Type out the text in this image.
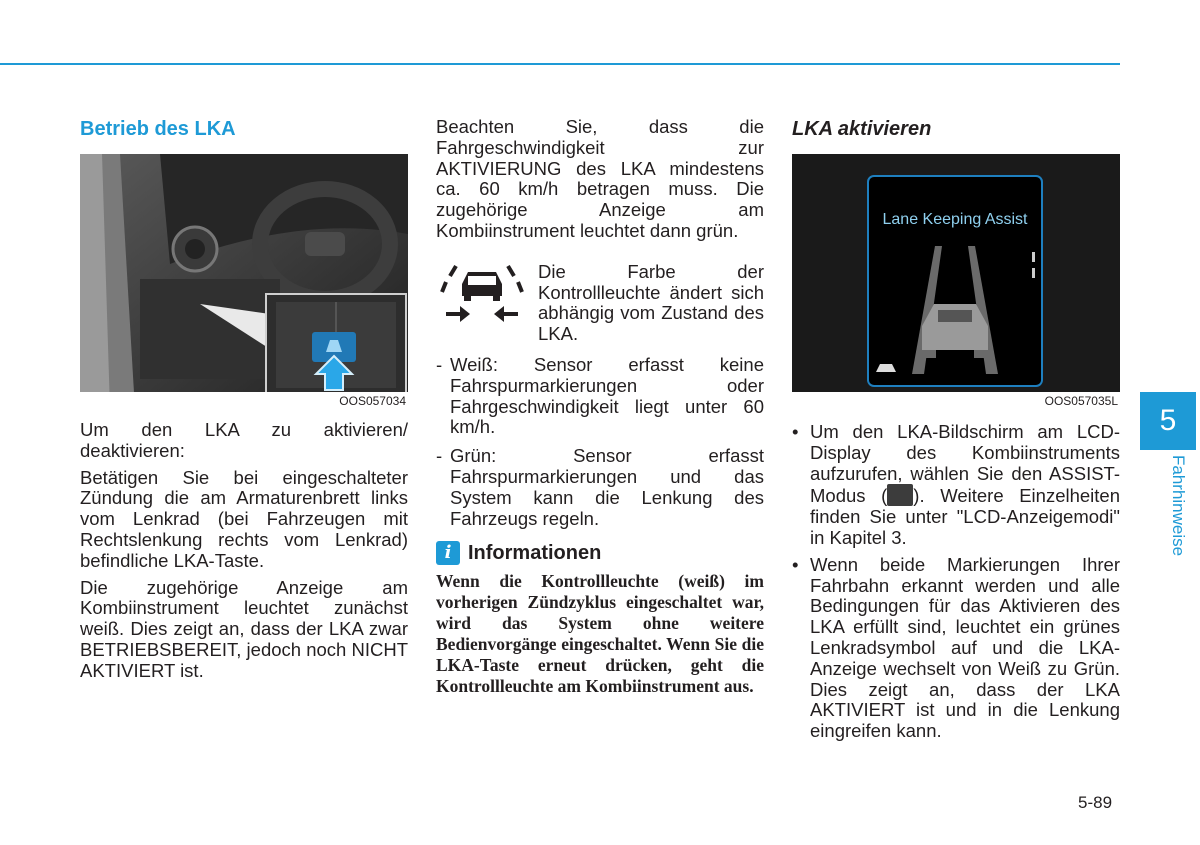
Betrieb des LKA
OOS057034

Um den LKA zu aktivieren/ deaktivieren:

Betätigen Sie bei eingeschalteter Zündung die am Armaturenbrett links vom Lenkrad (bei Fahrzeugen mit Rechtslenkung rechts vom Lenkrad) befindliche LKA-Taste.

Die zugehörige Anzeige am Kombiinstrument leuchtet zunächst weiß. Dies zeigt an, dass der LKA zwar BETRIEBSBEREIT, jedoch noch NICHT AKTIVIERT ist.

Beachten Sie, dass die Fahrgeschwindigkeit zur AKTIVIERUNG des LKA mindestens ca. 60 km/h betragen muss. Die zugehörige Anzeige am Kombiinstrument leuchtet dann grün.

Die Farbe der Kontrollleuchte ändert sich abhängig vom Zustand des LKA.

- Weiß: Sensor erfasst keine Fahrspurmarkierungen oder Fahrgeschwindigkeit liegt unter 60 km/h.
- Grün: Sensor erfasst Fahrspurmarkierungen und das System kann die Lenkung des Fahrzeugs regeln.
i Informationen

Wenn die Kontrollleuchte (weiß) im vorherigen Zündzyklus eingeschaltet war, wird das System ohne weitere Bedienvorgänge eingeschaltet. Wenn Sie die LKA-Taste erneut drücken, geht die Kontrollleuchte am Kombiinstrument aus.

LKA aktivieren
Lane Keeping Assist
OOS057035L
• Um den LKA-Bildschirm am LCD-Display des Kombiinstruments aufzurufen, wählen Sie den ASSIST-Modus ( ). Weitere Einzelheiten finden Sie unter "LCD-Anzeigemodi" in Kapitel 3.
• Wenn beide Markierungen Ihrer Fahrbahn erkannt werden und alle Bedingungen für das Aktivieren des LKA erfüllt sind, leuchtet ein grünes Lenkradsymbol auf und die LKA-Anzeige wechselt von Weiß zu Grün. Dies zeigt an, dass der LKA AKTIVIERT ist und in die Lenkung eingreifen kann.
5
Fahrhinweise
5-89
